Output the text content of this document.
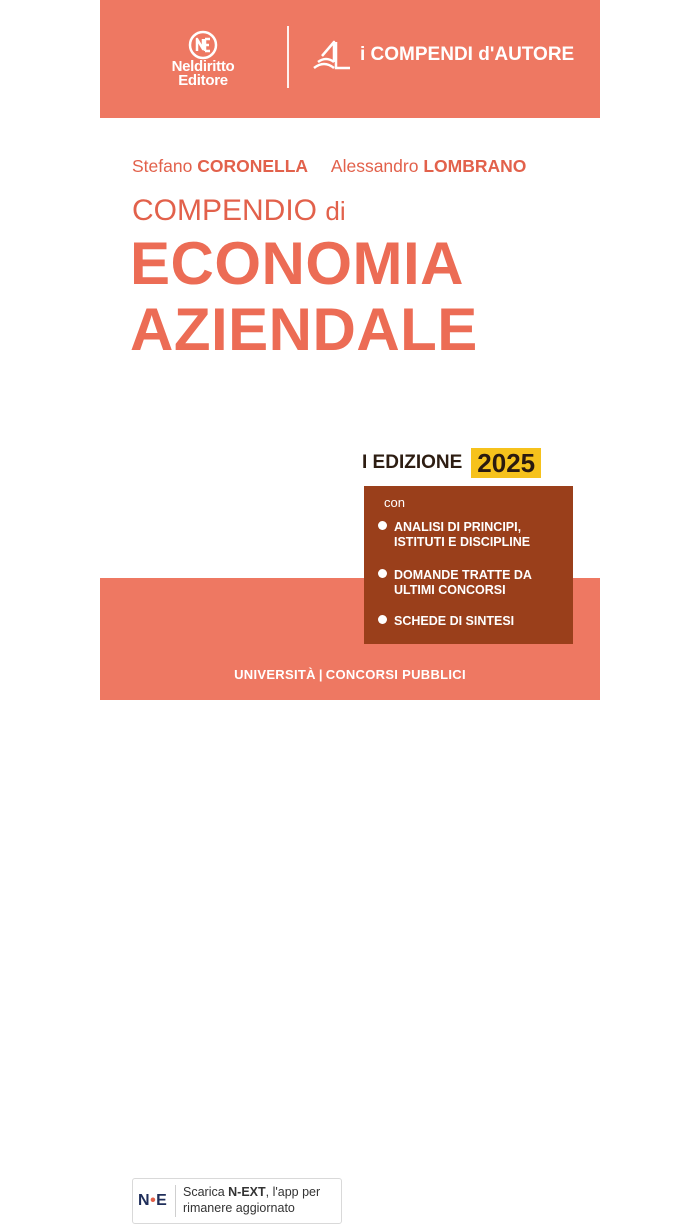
Neldiritto
Editore
i COMPENDI d'AUTORE
Stefano CORONELLA Alessandro LOMBRANO
COMPENDIO di
ECONOMIA
AZIENDALE
I EDIZIONE 2025
N•E Scarica N-EXT, l'app per
rimanere aggiornato
UNIVERSITÀ | CONCORSI PUBBLICI
con
ANALISI DI PRINCIPI,
ISTITUTI E DISCIPLINE
DOMANDE TRATTE DA
ULTIMI CONCORSI
SCHEDE DI SINTESI
